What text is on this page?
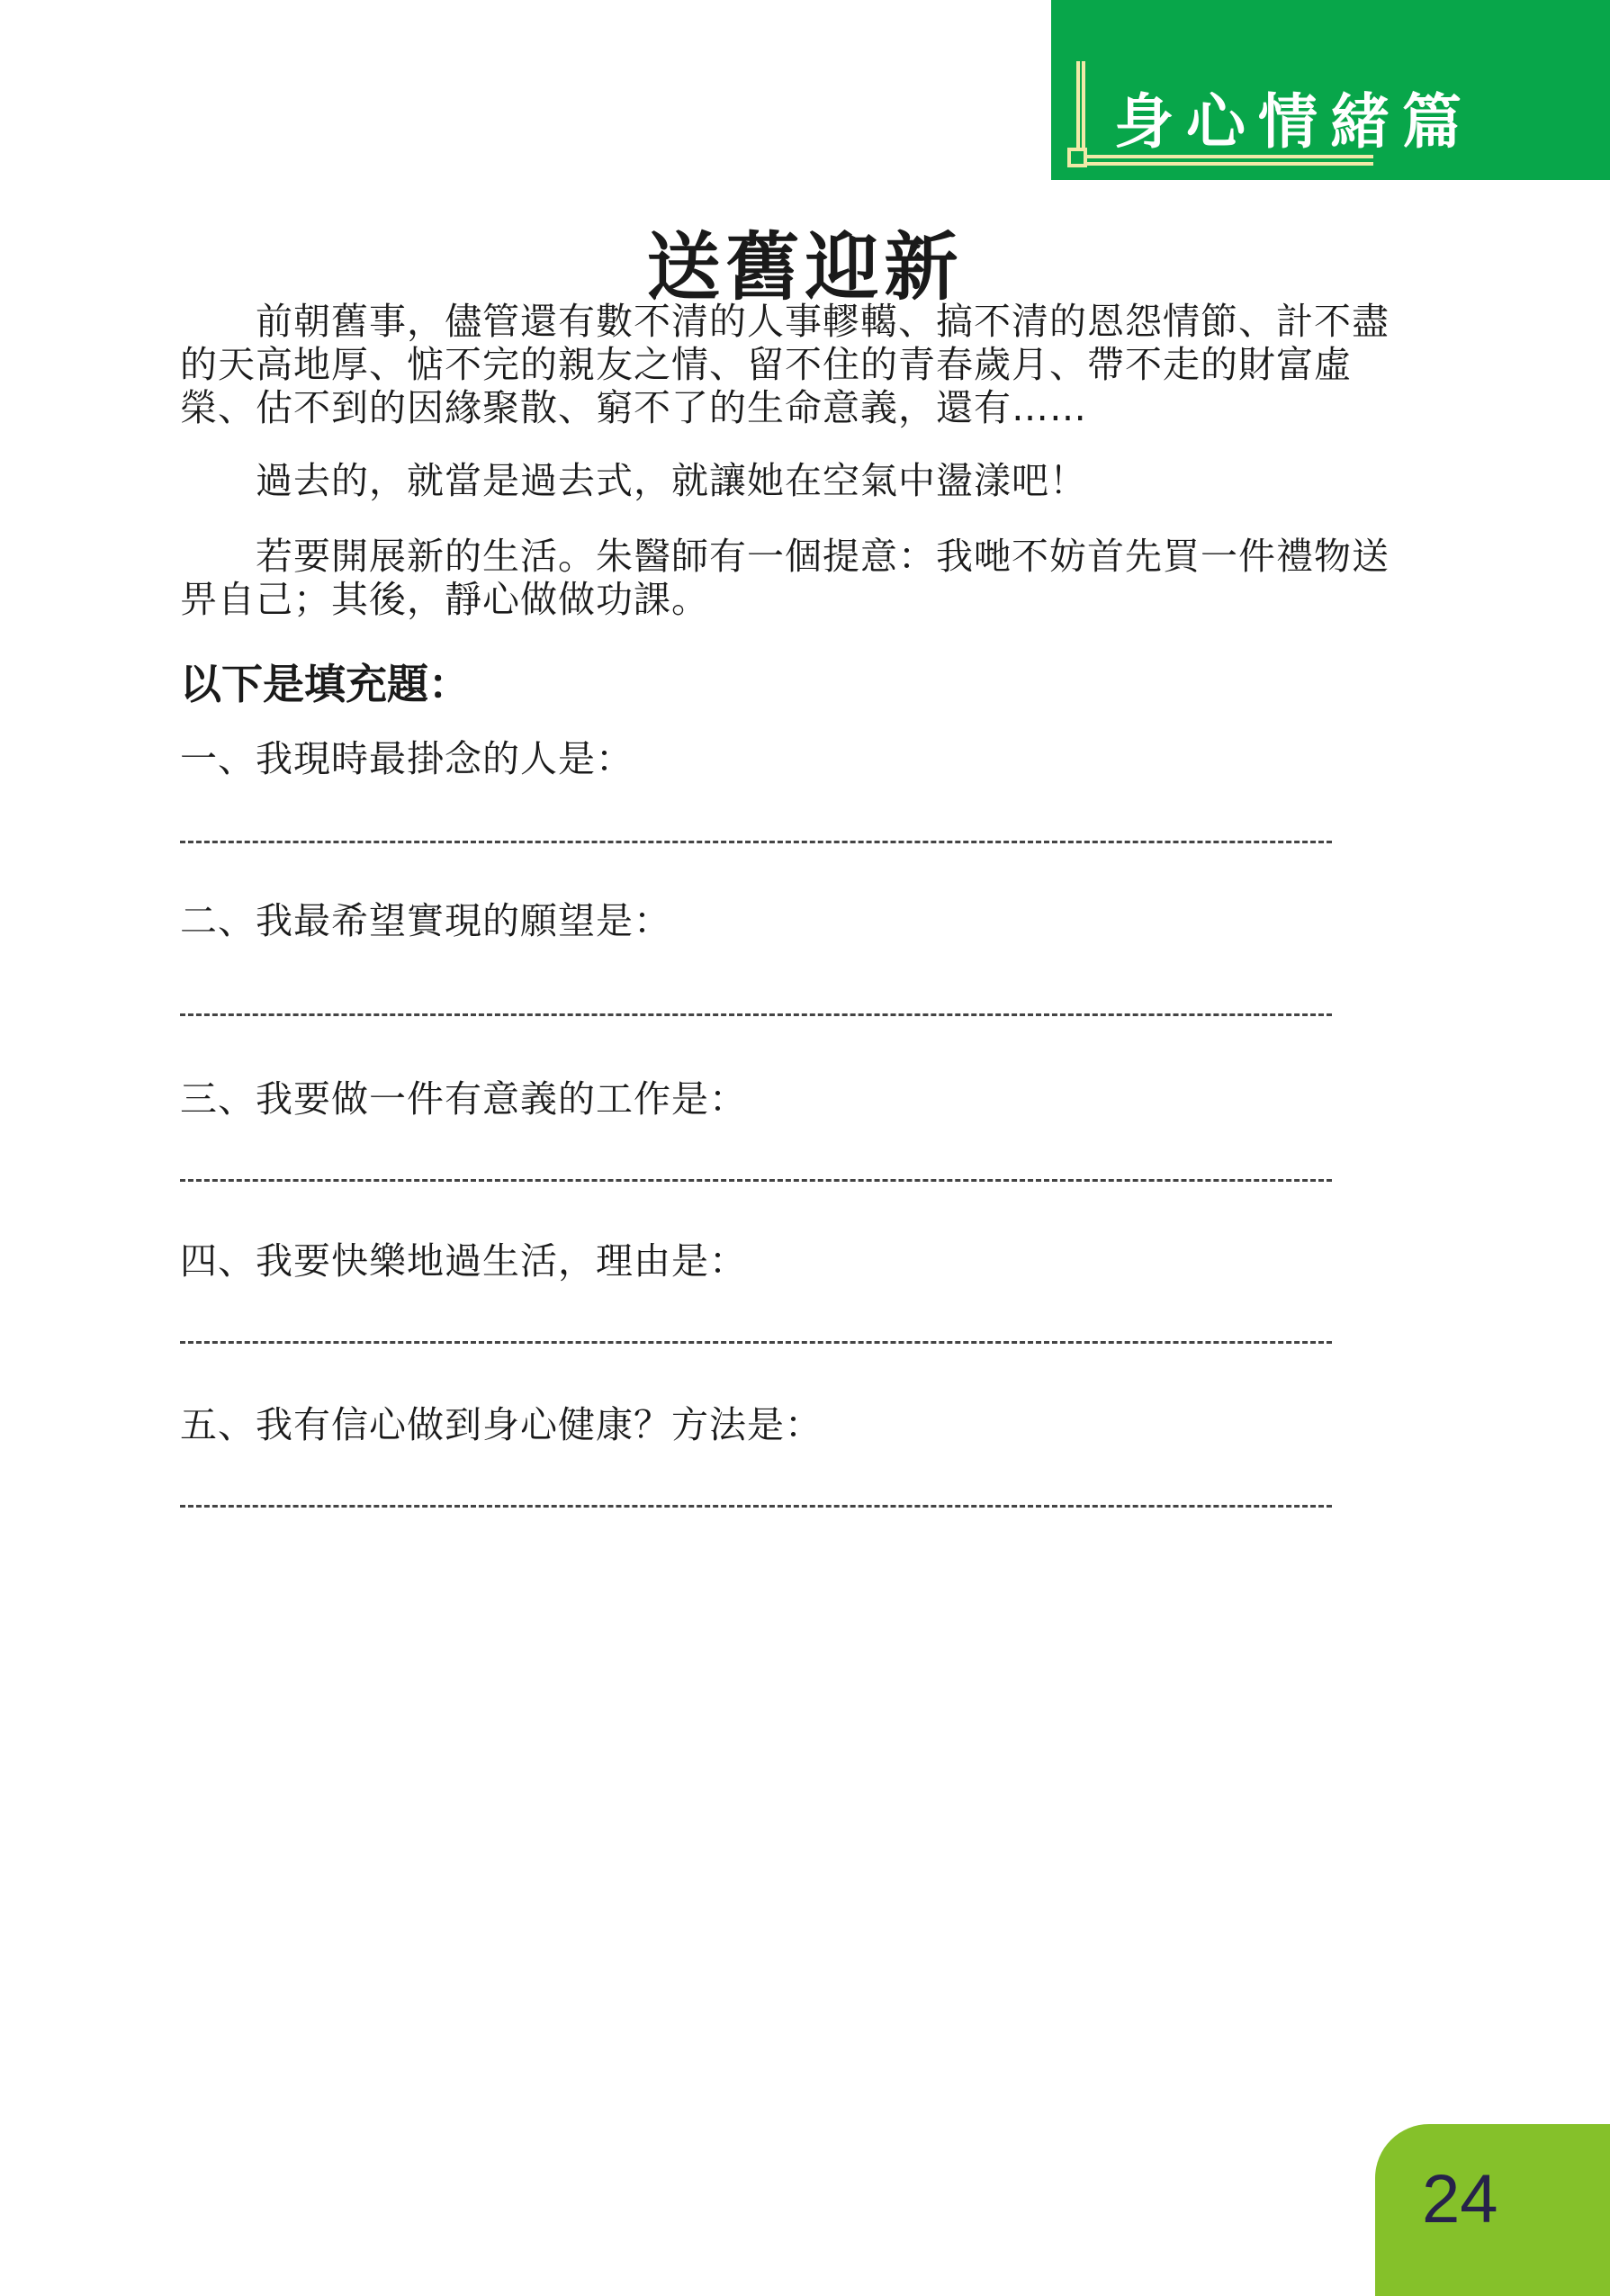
身心情緒篇
送舊迎新

前朝舊事，儘管還有數不清的人事轇轕、搞不清的恩怨情節、計不盡的天高地厚、惦不完的親友之情、留不住的青春歲月、帶不走的財富虛榮、估不到的因緣聚散、窮不了的生命意義，還有……

過去的，就當是過去式，就讓她在空氣中盪漾吧！

若要開展新的生活。朱醫師有一個提意：我哋不妨首先買一件禮物送畀自己；其後，靜心做做功課。

以下是填充題：
一、我現時最掛念的人是：
二、我最希望實現的願望是：
三、我要做一件有意義的工作是：
四、我要快樂地過生活，理由是：
五、我有信心做到身心健康？方法是：
24
